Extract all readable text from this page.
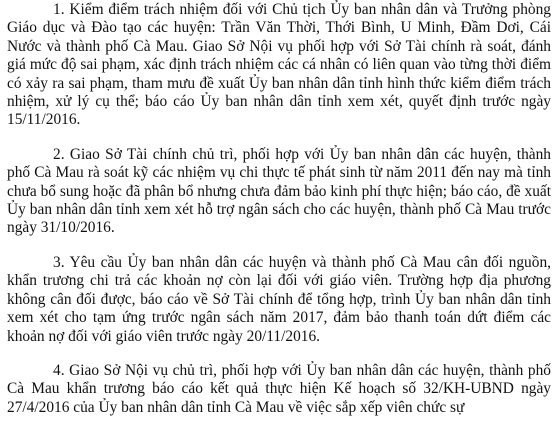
1. Kiểm điểm trách nhiệm đối với Chủ tịch Ủy ban nhân dân và Trưởng phòng Giáo dục và Đào tạo các huyện: Trần Văn Thời, Thới Bình, U Minh, Đầm Dơi, Cái Nước và thành phố Cà Mau. Giao Sở Nội vụ phối hợp với Sở Tài chính rà soát, đánh giá mức độ sai phạm, xác định trách nhiệm các cá nhân có liên quan vào từng thời điểm có xảy ra sai phạm, tham mưu đề xuất Ủy ban nhân dân tỉnh hình thức kiểm điểm trách nhiệm, xử lý cụ thể; báo cáo Ủy ban nhân dân tỉnh xem xét, quyết định trước ngày 15/11/2016.

2. Giao Sở Tài chính chủ trì, phối hợp với Ủy ban nhân dân các huyện, thành phố Cà Mau rà soát kỹ các nhiệm vụ chi thực tế phát sinh từ năm 2011 đến nay mà tỉnh chưa bổ sung hoặc đã phân bổ nhưng chưa đảm bảo kinh phí thực hiện; báo cáo, đề xuất Ủy ban nhân dân tỉnh xem xét hỗ trợ ngân sách cho các huyện, thành phố Cà Mau trước ngày 31/10/2016.

3. Yêu cầu Ủy ban nhân dân các huyện và thành phố Cà Mau cân đối nguồn, khẩn trương chi trả các khoản nợ còn lại đối với giáo viên. Trường hợp địa phương không cân đối được, báo cáo về Sở Tài chính để tổng hợp, trình Ủy ban nhân dân tỉnh xem xét cho tạm ứng trước ngân sách năm 2017, đảm bảo thanh toán dứt điểm các khoản nợ đối với giáo viên trước ngày 20/11/2016.

4. Giao Sở Nội vụ chủ trì, phối hợp với Ủy ban nhân dân các huyện, thành phố Cà Mau khẩn trương báo cáo kết quả thực hiện Kế hoạch số 32/KH-UBND ngày 27/4/2016 của Ủy ban nhân dân tỉnh Cà Mau về việc sắp xếp viên chức sự
